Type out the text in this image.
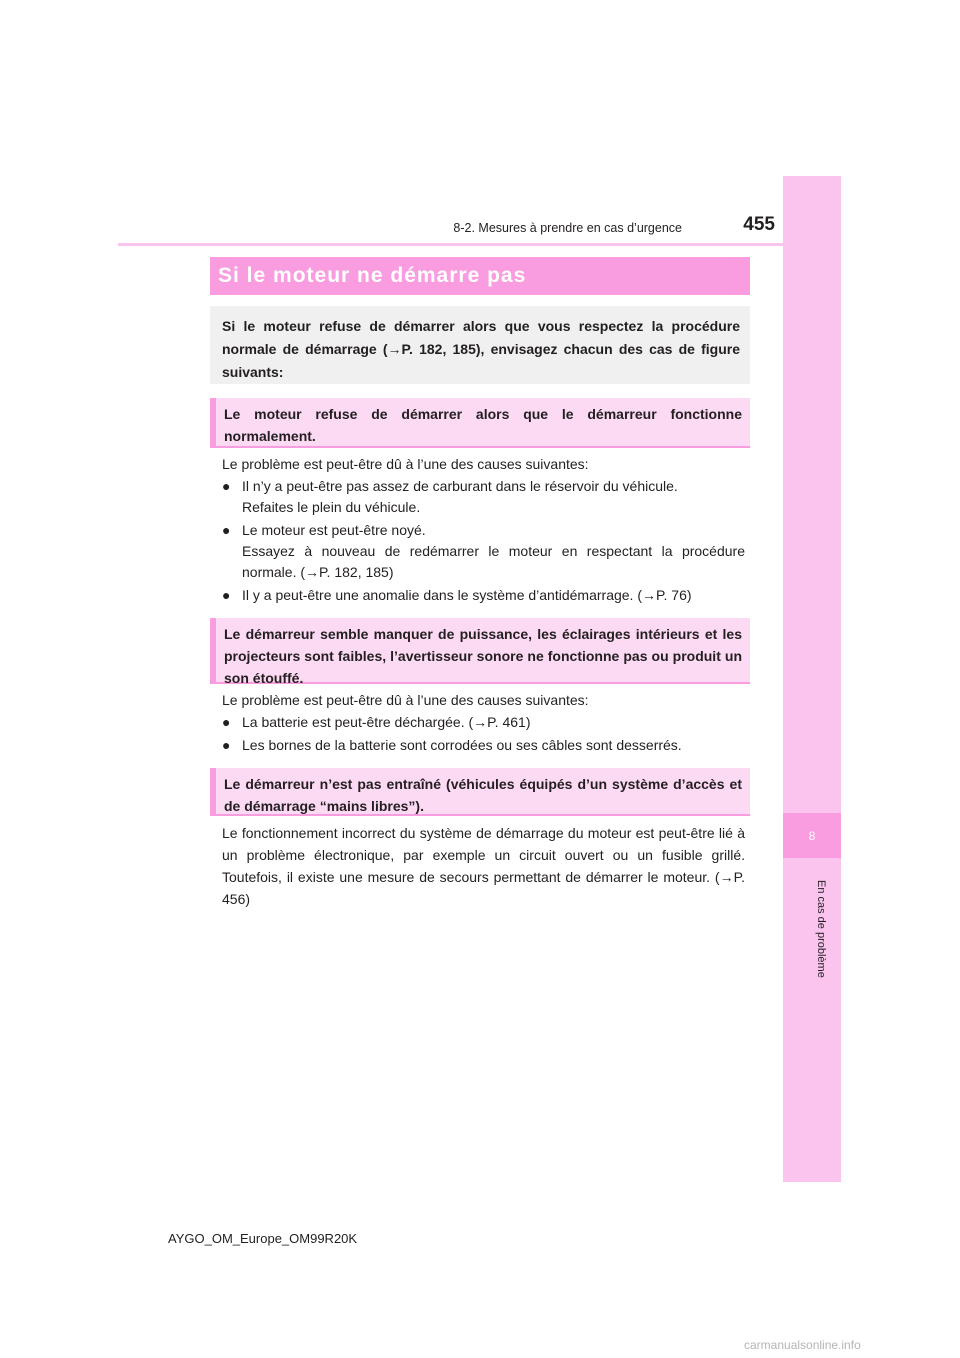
8
En cas de problème
8-2. Mesures à prendre en cas d’urgence	455
Si le moteur ne démarre pas
Si le moteur refuse de démarrer alors que vous respectez la procédure normale de démarrage (→P. 182, 185), envisagez chacun des cas de figure suivants:
Le moteur refuse de démarrer alors que le démarreur fonctionne normalement.
Le problème est peut-être dû à l’une des causes suivantes:
● Il n’y a peut-être pas assez de carburant dans le réservoir du véhicule.
Refaites le plein du véhicule.
● Le moteur est peut-être noyé.
Essayez à nouveau de redémarrer le moteur en respectant la procédure normale. (→P. 182, 185)
● Il y a peut-être une anomalie dans le système d’antidémarrage. (→P. 76)
Le démarreur semble manquer de puissance, les éclairages intérieurs et les projecteurs sont faibles, l’avertisseur sonore ne fonctionne pas ou produit un son étouffé.
Le problème est peut-être dû à l’une des causes suivantes:
● La batterie est peut-être déchargée. (→P. 461)
● Les bornes de la batterie sont corrodées ou ses câbles sont desserrés.
Le démarreur n’est pas entraîné (véhicules équipés d’un système d’accès et de démarrage “mains libres”).
Le fonctionnement incorrect du système de démarrage du moteur est peut-être lié à un problème électronique, par exemple un circuit ouvert ou un fusible grillé. Toutefois, il existe une mesure de secours permettant de démarrer le moteur. (→P. 456)
AYGO_OM_Europe_OM99R20K
carmanualsonline.info
